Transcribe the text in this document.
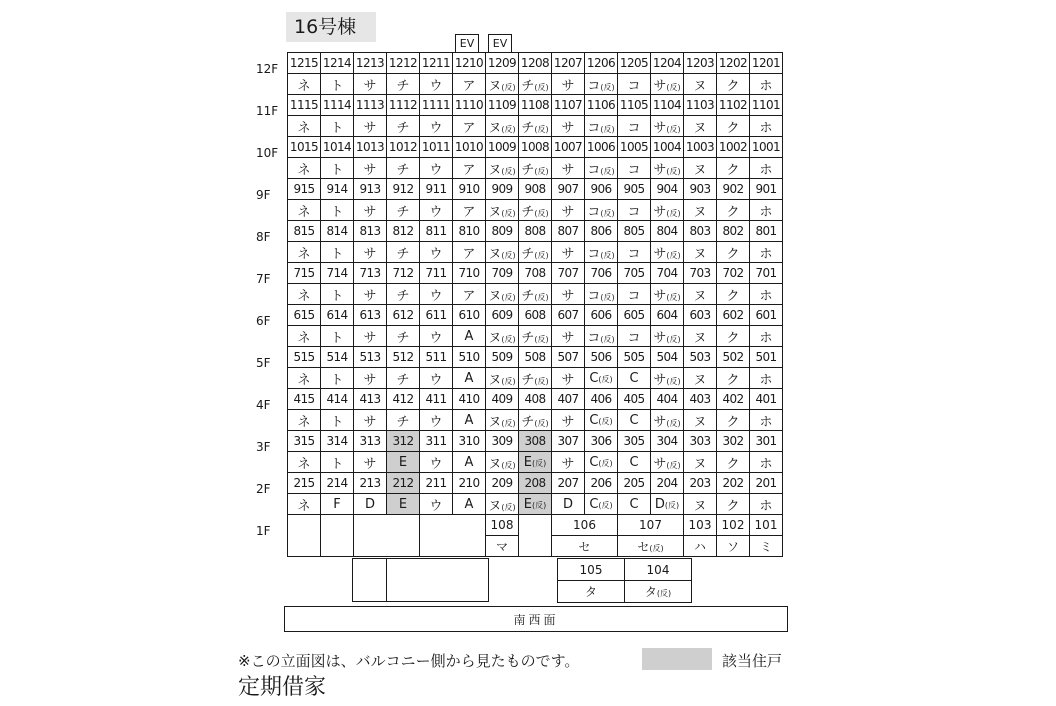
16号棟
EV	EV
12F
11F
10F
9F
8F
7F
6F
5F
4F
3F
2F
1F
1215	1214	1213	1212	1211	1210	1209	1208	1207	1206	1205	1204	1203	1202	1201
ネ	ト	サ	チ	ウ	ア	ヌ(反)	チ(反)	サ	コ(反)	コ	サ(反)	ヌ	ク	ホ
1115	1114	1113	1112	1111	1110	1109	1108	1107	1106	1105	1104	1103	1102	1101
ネ	ト	サ	チ	ウ	ア	ヌ(反)	チ(反)	サ	コ(反)	コ	サ(反)	ヌ	ク	ホ
1015	1014	1013	1012	1011	1010	1009	1008	1007	1006	1005	1004	1003	1002	1001
ネ	ト	サ	チ	ウ	ア	ヌ(反)	チ(反)	サ	コ(反)	コ	サ(反)	ヌ	ク	ホ
915	914	913	912	911	910	909	908	907	906	905	904	903	902	901
ネ	ト	サ	チ	ウ	ア	ヌ(反)	チ(反)	サ	コ(反)	コ	サ(反)	ヌ	ク	ホ
815	814	813	812	811	810	809	808	807	806	805	804	803	802	801
ネ	ト	サ	チ	ウ	ア	ヌ(反)	チ(反)	サ	コ(反)	コ	サ(反)	ヌ	ク	ホ
715	714	713	712	711	710	709	708	707	706	705	704	703	702	701
ネ	ト	サ	チ	ウ	ア	ヌ(反)	チ(反)	サ	コ(反)	コ	サ(反)	ヌ	ク	ホ
615	614	613	612	611	610	609	608	607	606	605	604	603	602	601
ネ	ト	サ	チ	ウ	A	ヌ(反)	チ(反)	サ	コ(反)	コ	サ(反)	ヌ	ク	ホ
515	514	513	512	511	510	509	508	507	506	505	504	503	502	501
ネ	ト	サ	チ	ウ	A	ヌ(反)	チ(反)	サ	C(反)	C	サ(反)	ヌ	ク	ホ
415	414	413	412	411	410	409	408	407	406	405	404	403	402	401
ネ	ト	サ	チ	ウ	A	ヌ(反)	チ(反)	サ	C(反)	C	サ(反)	ヌ	ク	ホ
315	314	313	312	311	310	309	308	307	306	305	304	303	302	301
ネ	ト	サ	E	ウ	A	ヌ(反)	E(反)	サ	C(反)	C	サ(反)	ヌ	ク	ホ
215	214	213	212	211	210	209	208	207	206	205	204	203	202	201
ネ	F	D	E	ウ	A	ヌ(反)	E(反)	D	C(反)	C	D(反)	ヌ	ク	ホ
						108		106		107		103	102	101
						マ		セ		セ(反)		ハ	ソ	ミ
105	104
タ	タ(反)
南西面
※この立面図は、バルコニー側から見たものです。	該当住戸
定期借家
